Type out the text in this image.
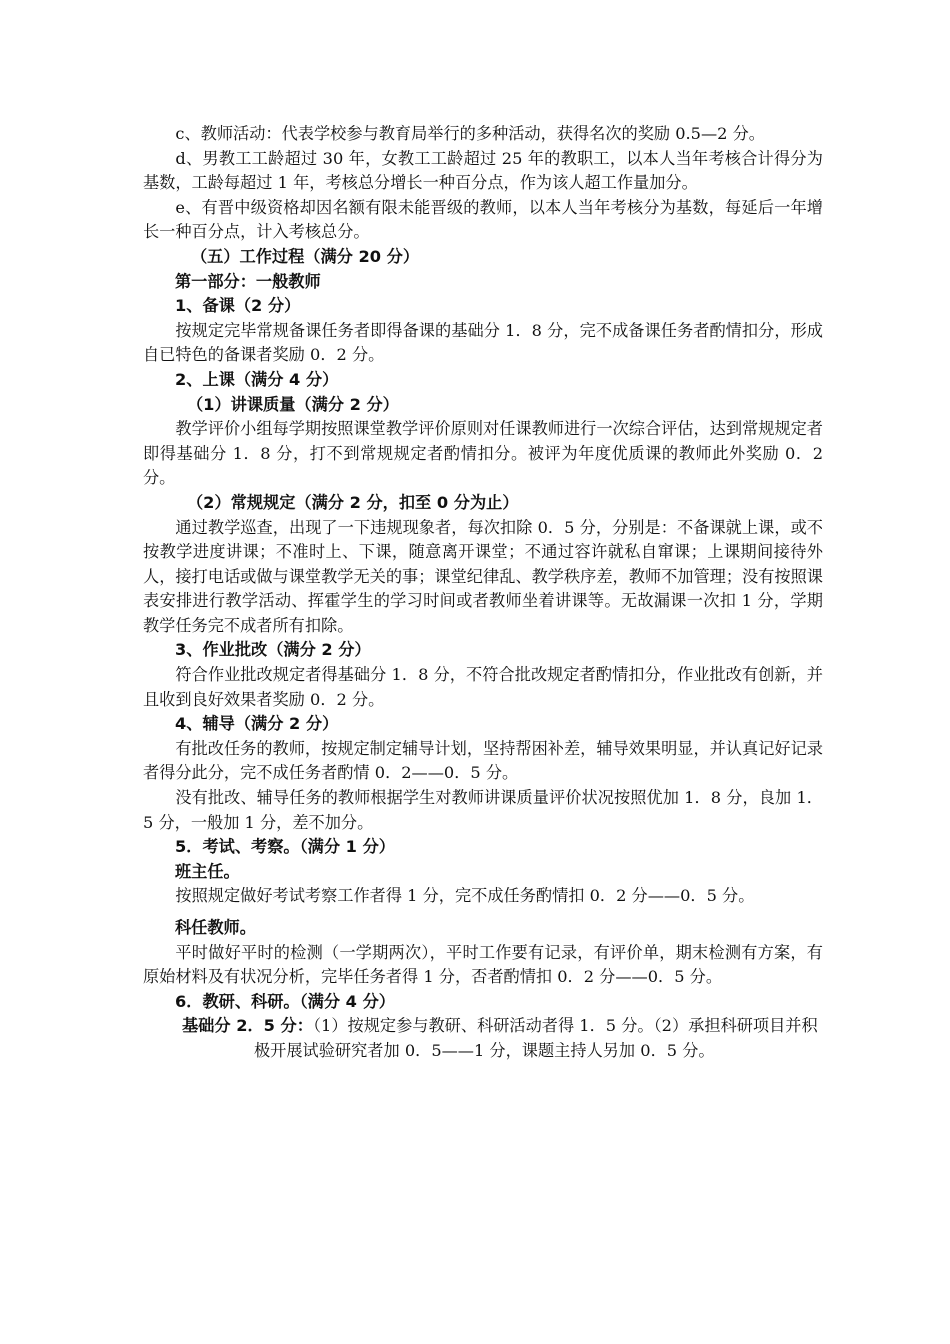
c、教师活动：代表学校参与教育局举行的多种活动，获得名次的奖励 0.5—2 分。

d、男教工工龄超过 30 年，女教工工龄超过 25 年的教职工，以本人当年考核合计得分为基数，工龄每超过 1 年，考核总分增长一种百分点，作为该人超工作量加分。

e、有晋中级资格却因名额有限未能晋级的教师，以本人当年考核分为基数，每延后一年增长一种百分点，计入考核总分。

（五）工作过程（满分 20 分）

第一部分：一般教师

1、备课（2 分）

按规定完毕常规备课任务者即得备课的基础分 1．8 分，完不成备课任务者酌情扣分，形成自已特色的备课者奖励 0．2 分。

2、上课（满分 4 分）

（1）讲课质量（满分 2 分）

教学评价小组每学期按照课堂教学评价原则对任课教师进行一次综合评估，达到常规规定者即得基础分 1．8 分，打不到常规规定者酌情扣分。被评为年度优质课的教师此外奖励 0．2 分。

（2）常规规定（满分 2 分，扣至 0 分为止）

通过教学巡查，出现了一下违规现象者，每次扣除 0．5 分，分别是：不备课就上课，或不按教学进度讲课；不准时上、下课，随意离开课堂；不通过容许就私自窜课；上课期间接待外人，接打电话或做与课堂教学无关的事；课堂纪律乱、教学秩序差，教师不加管理；没有按照课表安排进行教学活动、挥霍学生的学习时间或者教师坐着讲课等。无故漏课一次扣 1 分，学期教学任务完不成者所有扣除。

3、作业批改（满分 2 分）

符合作业批改规定者得基础分 1．8 分，不符合批改规定者酌情扣分，作业批改有创新，并且收到良好效果者奖励 0．2 分。

4、辅导（满分 2 分）

有批改任务的教师，按规定制定辅导计划，坚持帮困补差，辅导效果明显，并认真记好记录者得分此分，完不成任务者酌情 0．2——0．5 分。

没有批改、辅导任务的教师根据学生对教师讲课质量评价状况按照优加 1．8 分，良加 1．5 分，一般加 1 分，差不加分。

5．考试、考察。（满分 1 分）

班主任。

按照规定做好考试考察工作者得 1 分，完不成任务酌情扣 0．2 分——0．5 分。

科任教师。

平时做好平时的检测（一学期两次），平时工作要有记录，有评价单，期末检测有方案，有原始材料及有状况分析，完毕任务者得 1 分，否者酌情扣 0．2 分——0．5 分。

6．教研、科研。（满分 4 分）

基础分 2．5 分：（1）按规定参与教研、科研活动者得 1．5 分。（2）承担科研项目并积极开展试验研究者加 0．5——1 分，课题主持人另加 0．5 分。
